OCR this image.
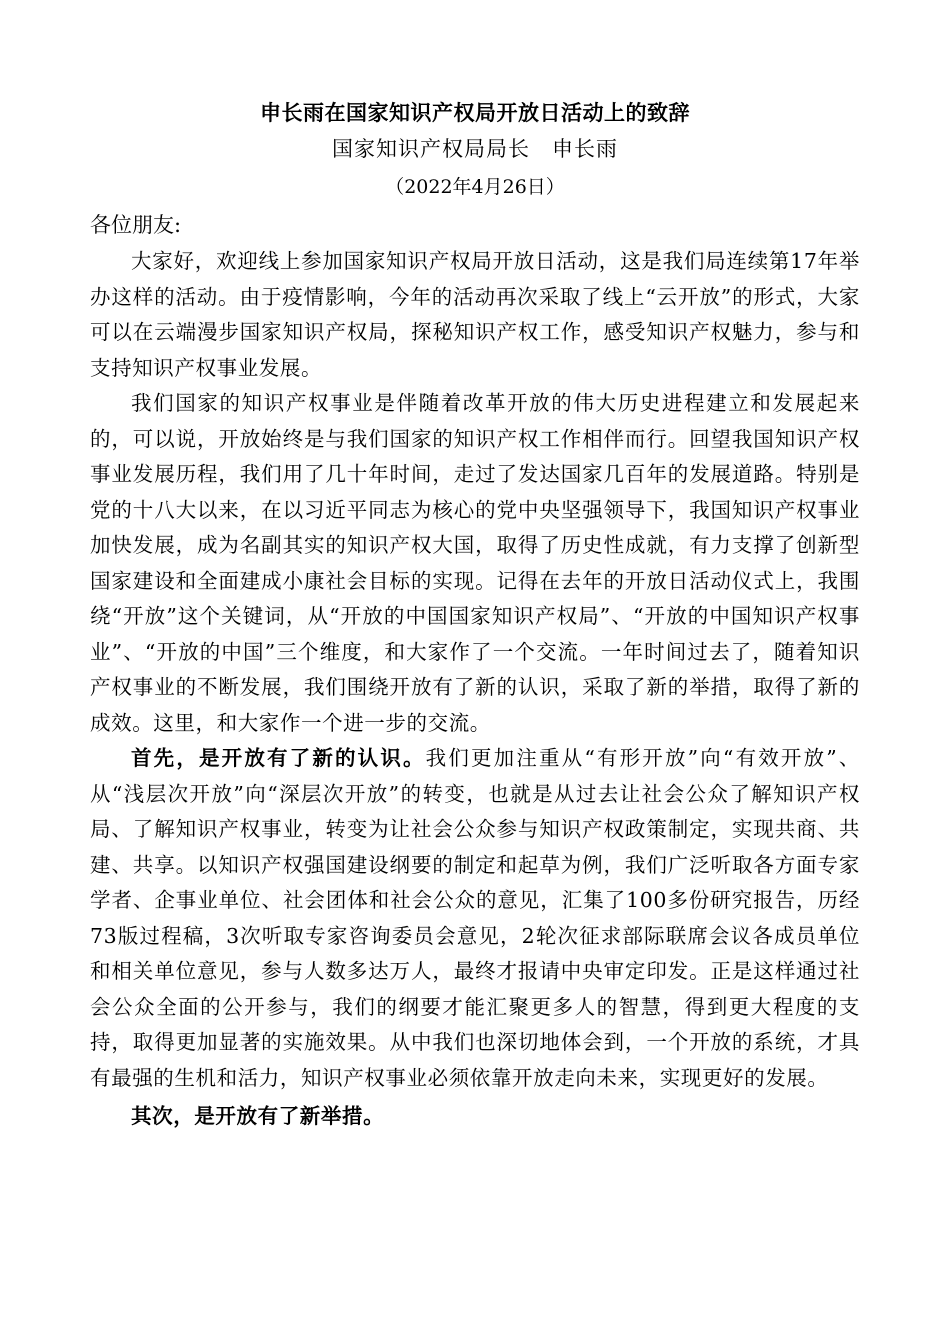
申长雨在国家知识产权局开放日活动上的致辞
国家知识产权局局长　申长雨
（2022年4月26日）
各位朋友:

大家好，欢迎线上参加国家知识产权局开放日活动，这是我们局连续第17年举办这样的活动。由于疫情影响，今年的活动再次采取了线上“云开放”的形式，大家可以在云端漫步国家知识产权局，探秘知识产权工作，感受知识产权魅力，参与和支持知识产权事业发展。

我们国家的知识产权事业是伴随着改革开放的伟大历史进程建立和发展起来的，可以说，开放始终是与我们国家的知识产权工作相伴而行。回望我国知识产权事业发展历程，我们用了几十年时间，走过了发达国家几百年的发展道路。特别是党的十八大以来，在以习近平同志为核心的党中央坚强领导下，我国知识产权事业加快发展，成为名副其实的知识产权大国，取得了历史性成就，有力支撑了创新型国家建设和全面建成小康社会目标的实现。记得在去年的开放日活动仪式上，我围绕“开放”这个关键词，从“开放的中国国家知识产权局”、“开放的中国知识产权事业”、“开放的中国”三个维度，和大家作了一个交流。一年时间过去了，随着知识产权事业的不断发展，我们围绕开放有了新的认识，采取了新的举措，取得了新的成效。这里，和大家作一个进一步的交流。

首先，是开放有了新的认识。我们更加注重从“有形开放”向“有效开放”、从“浅层次开放”向“深层次开放”的转变，也就是从过去让社会公众了解知识产权局、了解知识产权事业，转变为让社会公众参与知识产权政策制定，实现共商、共建、共享。以知识产权强国建设纲要的制定和起草为例，我们广泛听取各方面专家学者、企事业单位、社会团体和社会公众的意见，汇集了100多份研究报告，历经73版过程稿，3次听取专家咨询委员会意见，2轮次征求部际联席会议各成员单位和相关单位意见，参与人数多达万人，最终才报请中央审定印发。正是这样通过社会公众全面的公开参与，我们的纲要才能汇聚更多人的智慧，得到更大程度的支持，取得更加显著的实施效果。从中我们也深切地体会到，一个开放的系统，才具有最强的生机和活力，知识产权事业必须依靠开放走向未来，实现更好的发展。

其次，是开放有了新举措。
